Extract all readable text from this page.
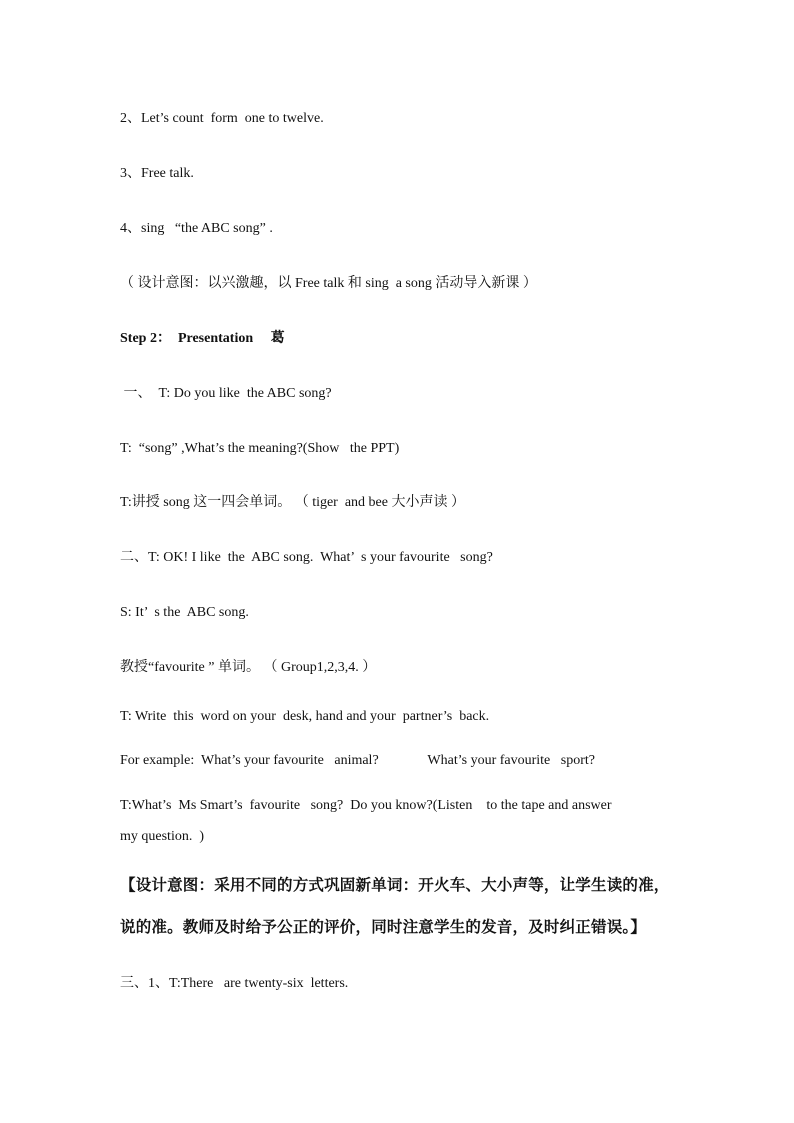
2、Let’s count  form  one to twelve.
3、Free talk.
4、sing   “the ABC song” .
（ 设计意图：以兴激趣，以 Free talk 和 sing  a song 活动导入新课 ）
Step 2：  Presentation     葛
一、  T: Do you like  the ABC song?
T:  “song” ,What’s the meaning?(Show   the PPT)
T:讲授 song 这一四会单词。 （ tiger  and bee 大小声读 ）
二、T: OK! I like  the  ABC song.  What’  s your favourite   song?
S: It’  s the  ABC song.
教授“favourite ” 单词。 （ Group1,2,3,4. ）
T: Write  this  word on your  desk, hand and your  partner’s  back.
For example:  What’s your favourite   animal?              What’s your favourite   sport?
T:What’s  Ms Smart’s  favourite   song?  Do you know?(Listen    to the tape and answer
my question.  )
【设计意图：采用不同的方式巩固新单词：开火车、大小声等，让学生读的准，
说的准。教师及时给予公正的评价，同时注意学生的发音，及时纠正错误。】
三、1、T:There   are twenty-six  letters.
